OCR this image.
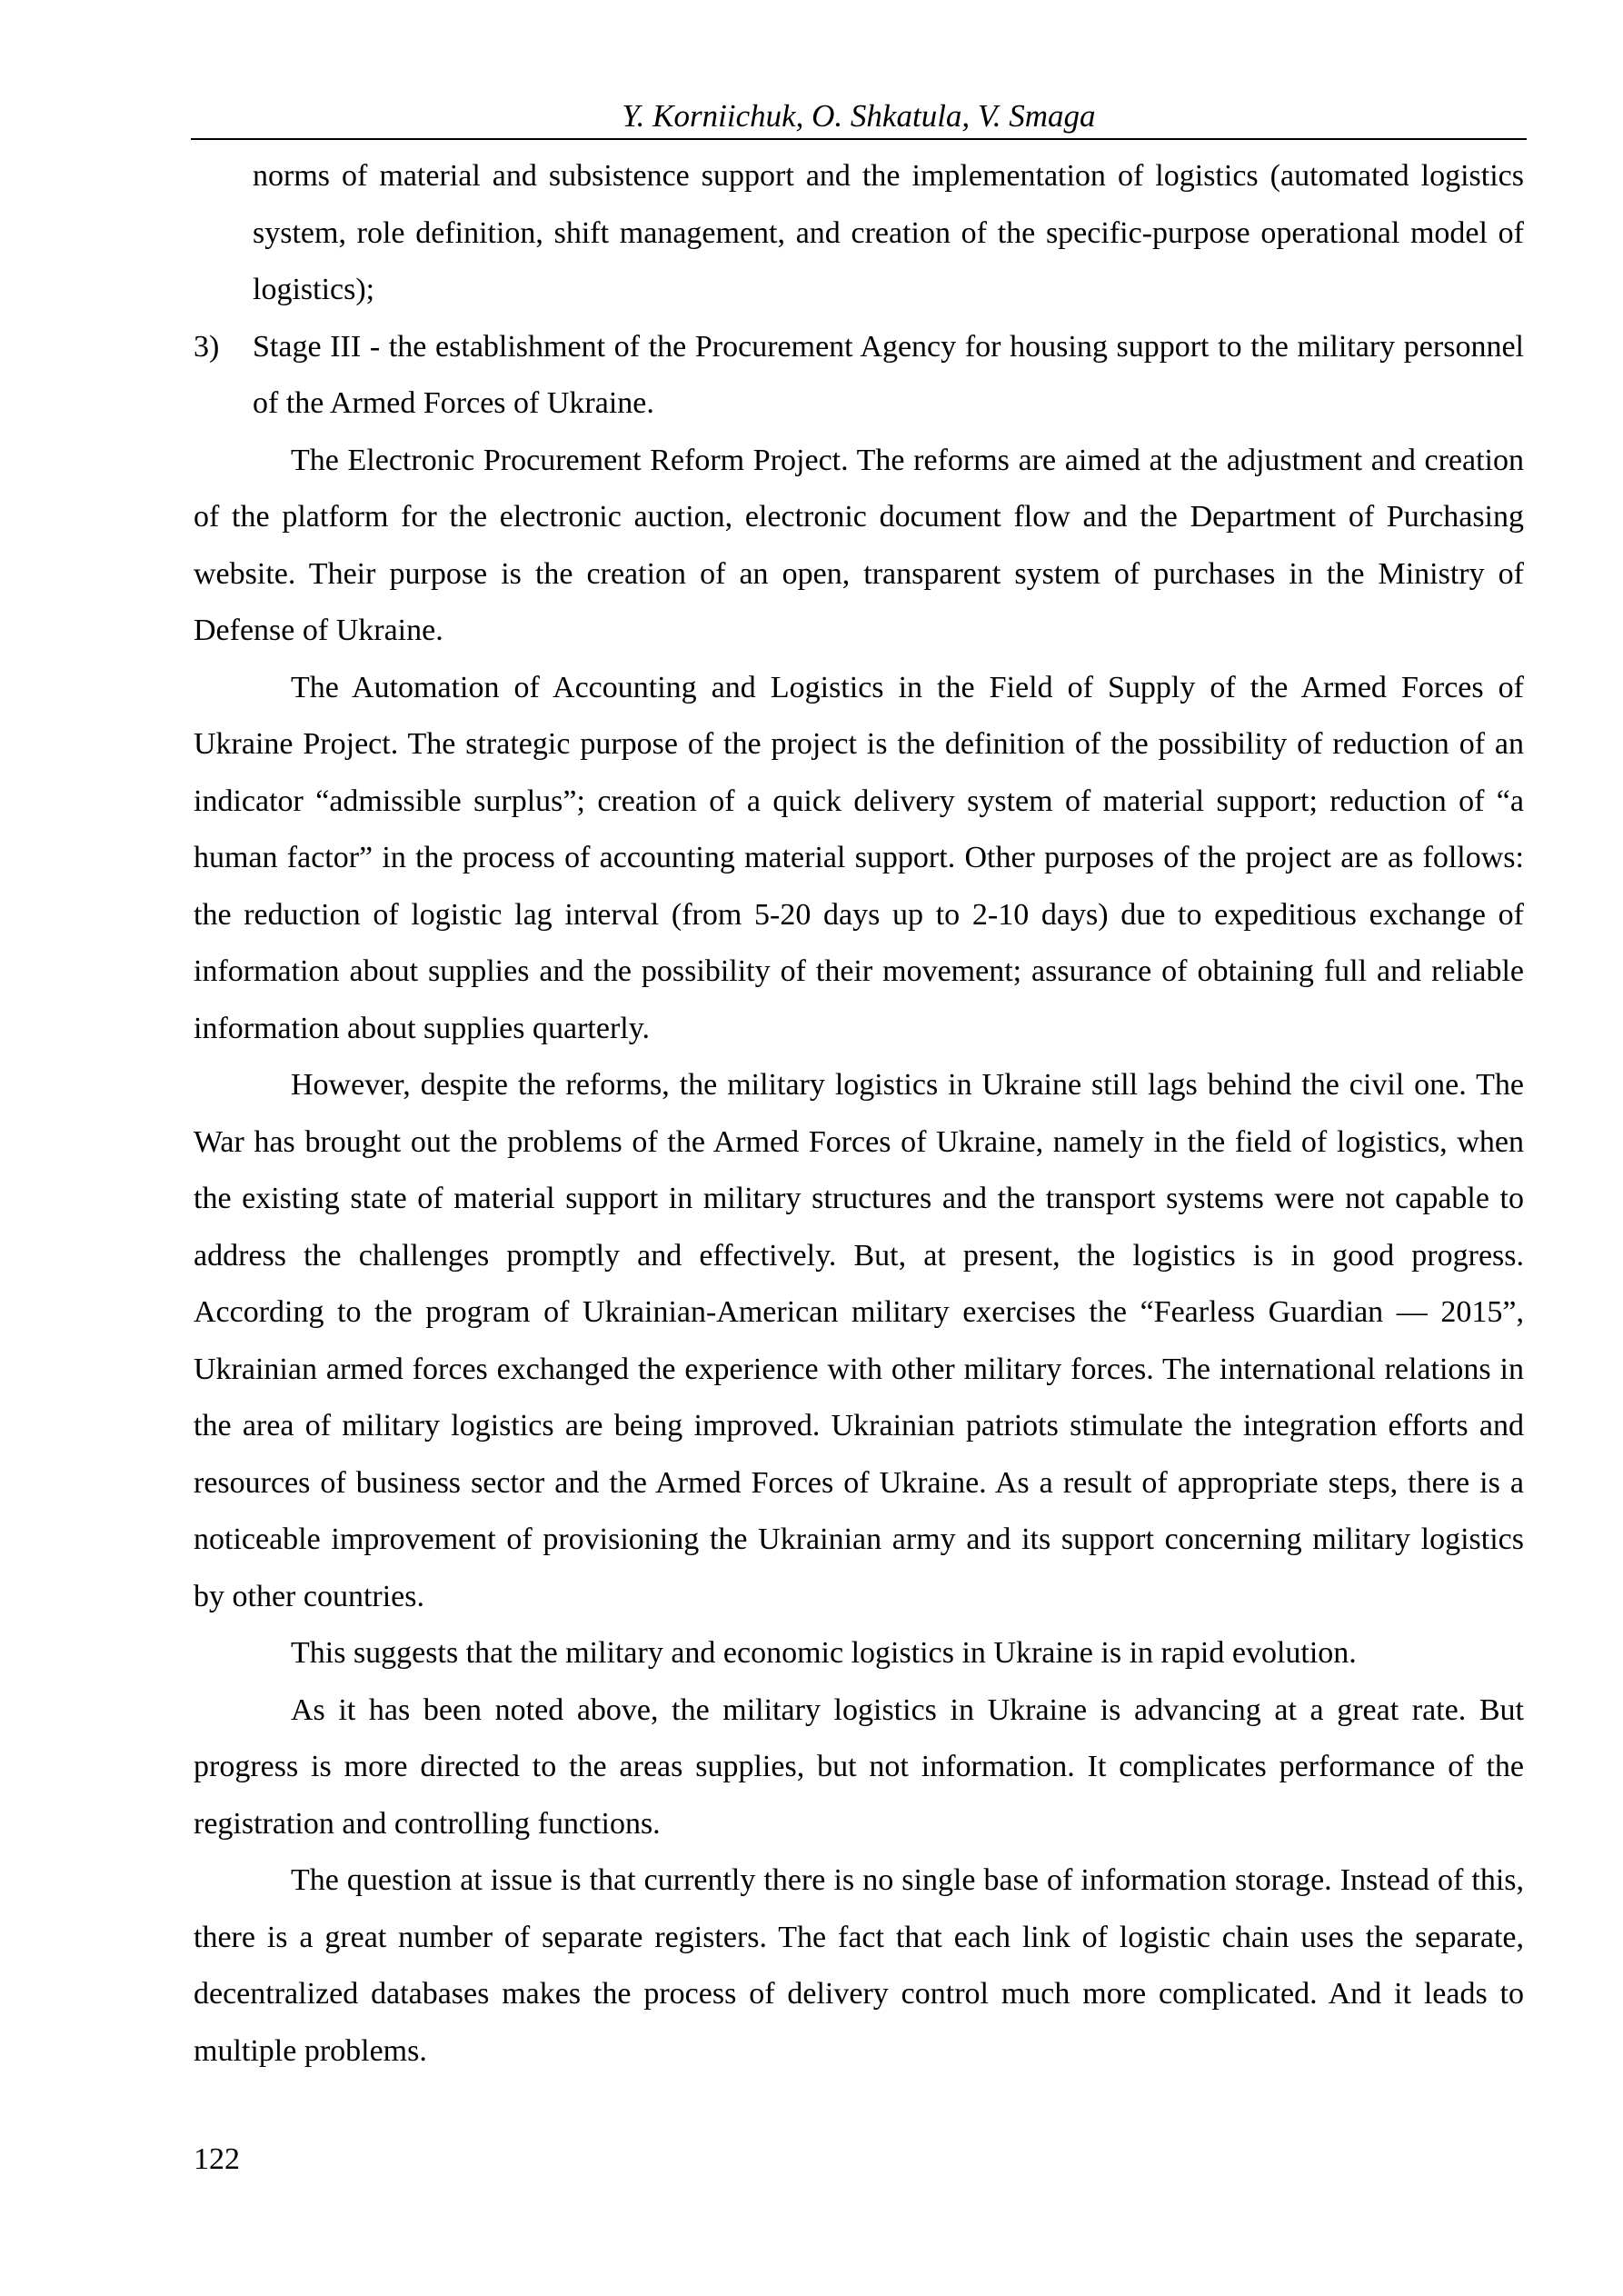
Y. Korniichuk, O. Shkatula, V. Smaga

norms of material and subsistence support and the implementation of logistics (automated logistics system, role definition, shift management, and creation of the specific-purpose operational model of logistics);

3)	Stage III - the establishment of the Procurement Agency for housing support to the military personnel of the Armed Forces of Ukraine.

The Electronic Procurement Reform Project. The reforms are aimed at the adjustment and creation of the platform for the electronic auction, electronic document flow and the Department of Purchasing website. Their purpose is the creation of an open, transparent system of purchases in the Ministry of Defense of Ukraine.

The Automation of Accounting and Logistics in the Field of Supply of the Armed Forces of Ukraine Project. The strategic purpose of the project is the definition of the possibility of reduction of an indicator “admissible surplus”; creation of a quick delivery system of material support; reduction of “a human factor” in the process of accounting material support. Other purposes of the project are as follows: the reduction of logistic lag interval (from 5-20 days up to 2-10 days) due to expeditious exchange of information about supplies and the possibility of their movement; assurance of obtaining full and reliable information about supplies quarterly.

However, despite the reforms, the military logistics in Ukraine still lags behind the civil one. The War has brought out the problems of the Armed Forces of Ukraine, namely in the field of logistics, when the existing state of material support in military structures and the transport systems were not capable to address the challenges promptly and effectively. But, at present, the logistics is in good progress. According to the program of Ukrainian-American military exercises the “Fearless Guardian — 2015”, Ukrainian armed forces exchanged the experience with other military forces. The international relations in the area of military logistics are being improved. Ukrainian patriots stimulate the integration efforts and resources of business sector and the Armed Forces of Ukraine. As a result of appropriate steps, there is a noticeable improvement of provisioning the Ukrainian army and its support concerning military logistics by other countries.

This suggests that the military and economic logistics in Ukraine is in rapid evolution.

As it has been noted above, the military logistics in Ukraine is advancing at a great rate. But progress is more directed to the areas supplies, but not information. It complicates performance of the registration and controlling functions.

The question at issue is that currently there is no single base of information storage. Instead of this, there is a great number of separate registers. The fact that each link of logistic chain uses the separate, decentralized databases makes the process of delivery control much more complicated. And it leads to multiple problems.

122
